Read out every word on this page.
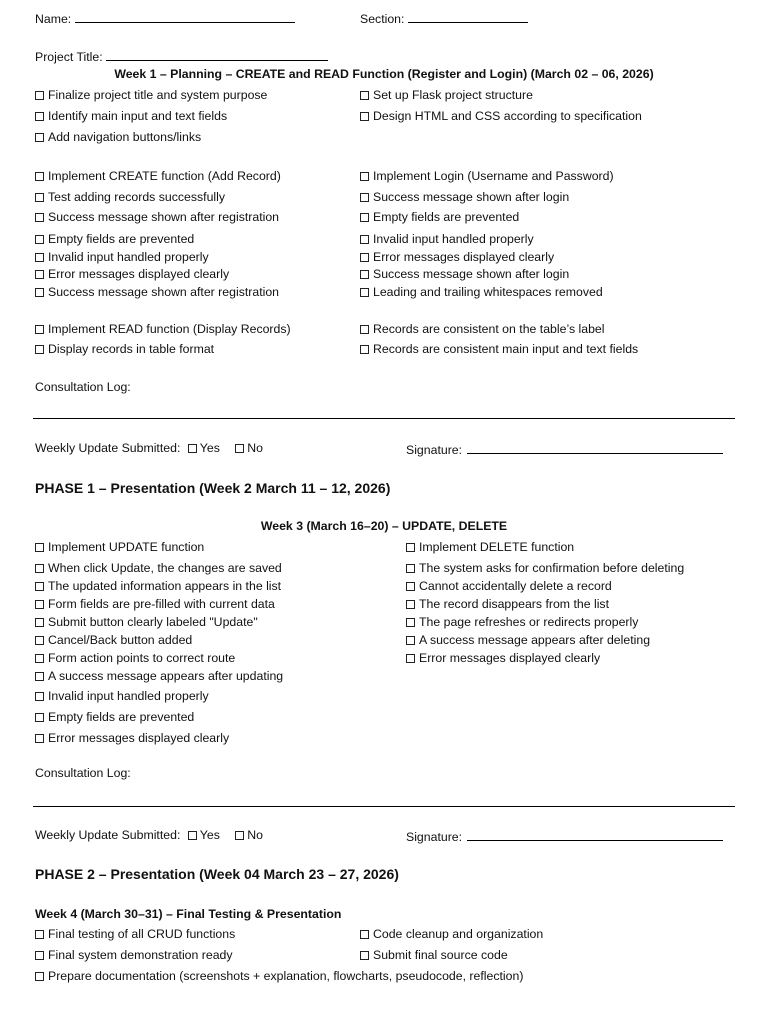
Name:	Section:
Project Title:
Week 1 – Planning – CREATE and READ Function (Register and Login) (March 02 – 06, 2026)
Finalize project title and system purpose
Identify main input and text fields
Add navigation buttons/links
Set up Flask project structure
Design HTML and CSS according to specification
Implement CREATE function (Add Record)
Test adding records successfully
Success message shown after registration
Empty fields are prevented
Invalid input handled properly
Error messages displayed clearly
Success message shown after registration
Implement Login (Username and Password)
Success message shown after login
Empty fields are prevented
Invalid input handled properly
Error messages displayed clearly
Success message shown after login
Leading and trailing whitespaces removed
Implement READ function (Display Records)
Display records in table format
Records are consistent on the table’s label
Records are consistent main input and text fields
Consultation Log:
Weekly Update Submitted: Yes No	Signature:
PHASE 1 – Presentation (Week 2 March 11 – 12, 2026)
Week 3 (March 16–20) – UPDATE, DELETE
Implement UPDATE function
When click Update, the changes are saved
The updated information appears in the list
Form fields are pre-filled with current data
Submit button clearly labeled "Update"
Cancel/Back button added
Form action points to correct route
A success message appears after updating
Invalid input handled properly
Empty fields are prevented
Error messages displayed clearly
Implement DELETE function
The system asks for confirmation before deleting
Cannot accidentally delete a record
The record disappears from the list
The page refreshes or redirects properly
A success message appears after deleting
Error messages displayed clearly
Consultation Log:
Weekly Update Submitted: Yes No	Signature:
PHASE 2 – Presentation (Week 04 March 23 – 27, 2026)
Week 4 (March 30–31) – Final Testing & Presentation
Final testing of all CRUD functions
Final system demonstration ready
Code cleanup and organization
Submit final source code
Prepare documentation (screenshots + explanation, flowcharts, pseudocode, reflection)
